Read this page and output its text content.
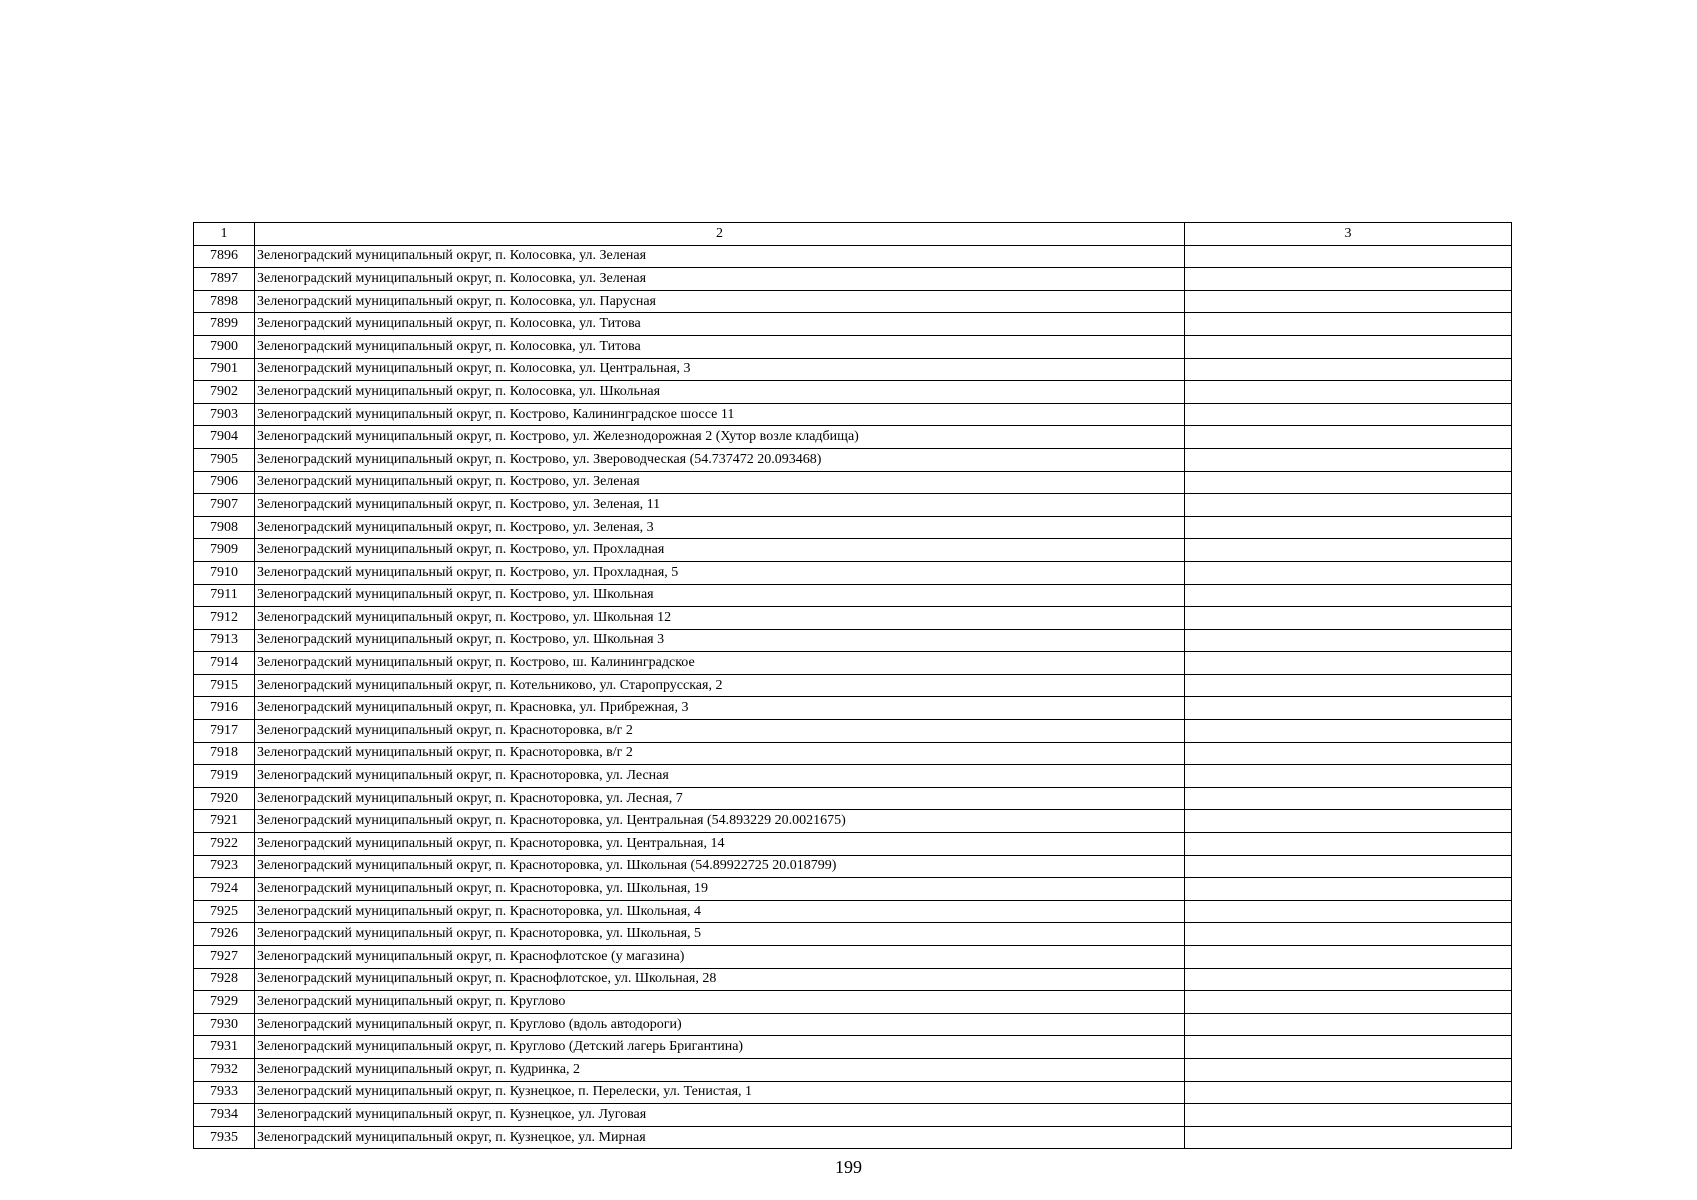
1	2	3
7896	Зеленоградский муниципальный округ, п. Колосовка, ул. Зеленая	
7897	Зеленоградский муниципальный округ, п. Колосовка, ул. Зеленая	
7898	Зеленоградский муниципальный округ, п. Колосовка, ул. Парусная	
7899	Зеленоградский муниципальный округ, п. Колосовка, ул. Титова	
7900	Зеленоградский муниципальный округ, п. Колосовка, ул. Титова	
7901	Зеленоградский муниципальный округ, п. Колосовка, ул. Центральная, 3	
7902	Зеленоградский муниципальный округ, п. Колосовка, ул. Школьная	
7903	Зеленоградский муниципальный округ, п. Кострово, Калининградское шоссе 11	
7904	Зеленоградский муниципальный округ, п. Кострово, ул. Железнодорожная 2 (Хутор возле кладбища)	
7905	Зеленоградский муниципальный округ, п. Кострово, ул. Звероводческая (54.737472 20.093468)	
7906	Зеленоградский муниципальный округ, п. Кострово, ул. Зеленая	
7907	Зеленоградский муниципальный округ, п. Кострово, ул. Зеленая, 11	
7908	Зеленоградский муниципальный округ, п. Кострово, ул. Зеленая, 3	
7909	Зеленоградский муниципальный округ, п. Кострово, ул. Прохладная	
7910	Зеленоградский муниципальный округ, п. Кострово, ул. Прохладная, 5	
7911	Зеленоградский муниципальный округ, п. Кострово, ул. Школьная	
7912	Зеленоградский муниципальный округ, п. Кострово, ул. Школьная 12	
7913	Зеленоградский муниципальный округ, п. Кострово, ул. Школьная 3	
7914	Зеленоградский муниципальный округ, п. Кострово, ш. Калининградское	
7915	Зеленоградский муниципальный округ, п. Котельниково, ул. Старопрусская, 2	
7916	Зеленоградский муниципальный округ, п. Красновка, ул. Прибрежная, 3	
7917	Зеленоградский муниципальный округ, п. Красноторовка, в/г 2	
7918	Зеленоградский муниципальный округ, п. Красноторовка, в/г 2	
7919	Зеленоградский муниципальный округ, п. Красноторовка, ул. Лесная	
7920	Зеленоградский муниципальный округ, п. Красноторовка, ул. Лесная, 7	
7921	Зеленоградский муниципальный округ, п. Красноторовка, ул. Центральная (54.893229 20.0021675)	
7922	Зеленоградский муниципальный округ, п. Красноторовка, ул. Центральная, 14	
7923	Зеленоградский муниципальный округ, п. Красноторовка, ул. Школьная (54.89922725 20.018799)	
7924	Зеленоградский муниципальный округ, п. Красноторовка, ул. Школьная, 19	
7925	Зеленоградский муниципальный округ, п. Красноторовка, ул. Школьная, 4	
7926	Зеленоградский муниципальный округ, п. Красноторовка, ул. Школьная, 5	
7927	Зеленоградский муниципальный округ, п. Краснофлотское (у магазина)	
7928	Зеленоградский муниципальный округ, п. Краснофлотское, ул. Школьная, 28	
7929	Зеленоградский муниципальный округ, п. Круглово	
7930	Зеленоградский муниципальный округ, п. Круглово (вдоль автодороги)	
7931	Зеленоградский муниципальный округ, п. Круглово (Детский лагерь Бригантина)	
7932	Зеленоградский муниципальный округ, п. Кудринка, 2	
7933	Зеленоградский муниципальный округ, п. Кузнецкое, п. Перелески, ул. Тенистая, 1	
7934	Зеленоградский муниципальный округ, п. Кузнецкое, ул. Луговая	
7935	Зеленоградский муниципальный округ, п. Кузнецкое, ул. Мирная	
199
